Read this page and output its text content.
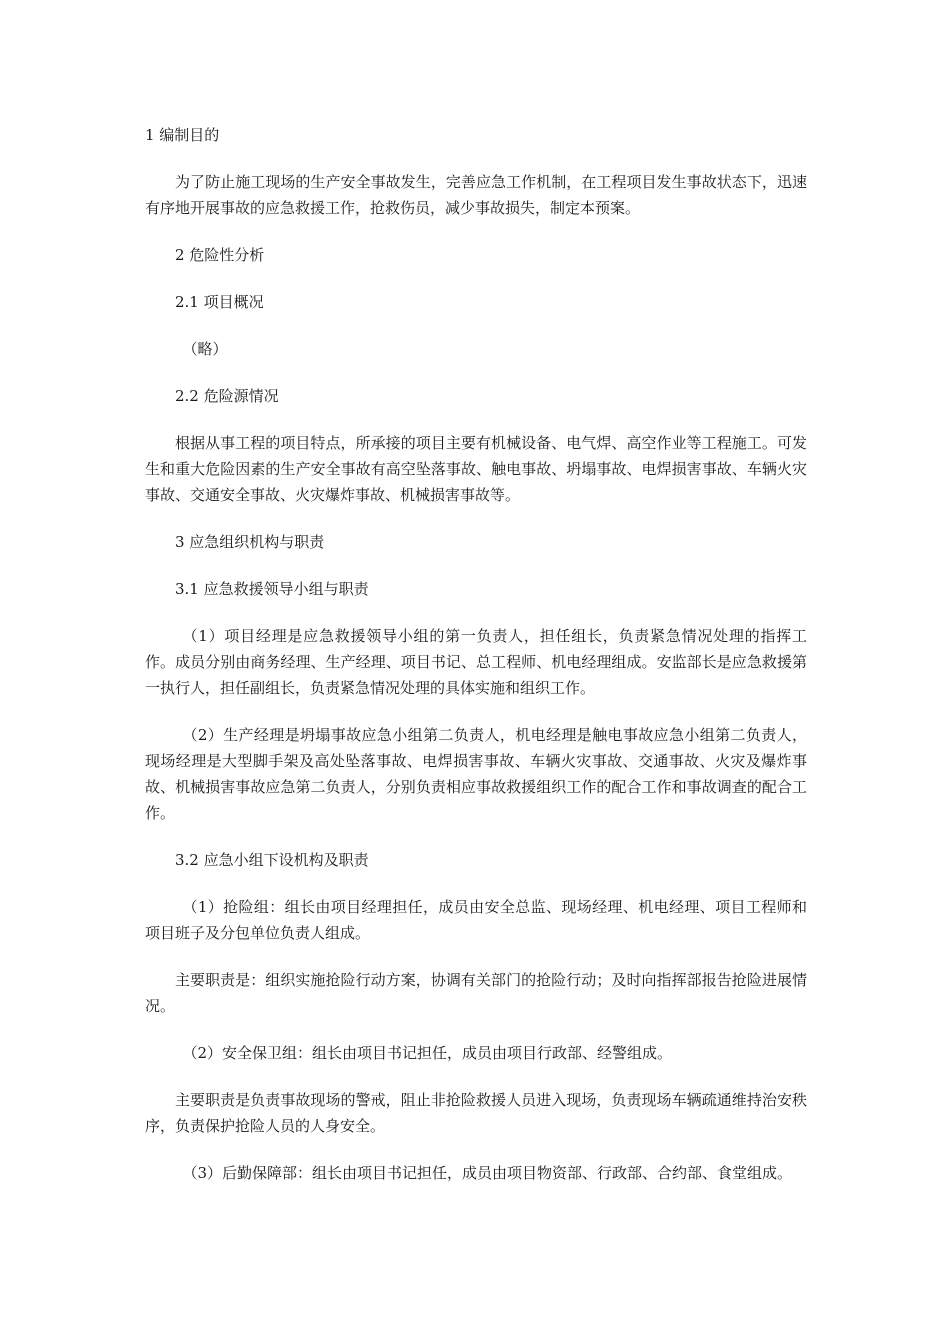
1 编制目的

为了防止施工现场的生产安全事故发生，完善应急工作机制，在工程项目发生事故状态下，迅速有序地开展事故的应急救援工作，抢救伤员，减少事故损失，制定本预案。

2 危险性分析

2.1 项目概况

（略）

2.2 危险源情况

根据从事工程的项目特点，所承接的项目主要有机械设备、电气焊、高空作业等工程施工。可发生和重大危险因素的生产安全事故有高空坠落事故、触电事故、坍塌事故、电焊损害事故、车辆火灾事故、交通安全事故、火灾爆炸事故、机械损害事故等。

3 应急组织机构与职责

3.1 应急救援领导小组与职责

（1）项目经理是应急救援领导小组的第一负责人，担任组长，负责紧急情况处理的指挥工作。成员分别由商务经理、生产经理、项目书记、总工程师、机电经理组成。安监部长是应急救援第一执行人，担任副组长，负责紧急情况处理的具体实施和组织工作。

（2）生产经理是坍塌事故应急小组第二负责人，机电经理是触电事故应急小组第二负责人，现场经理是大型脚手架及高处坠落事故、电焊损害事故、车辆火灾事故、交通事故、火灾及爆炸事故、机械损害事故应急第二负责人，分别负责相应事故救援组织工作的配合工作和事故调查的配合工作。

3.2 应急小组下设机构及职责

（1）抢险组：组长由项目经理担任，成员由安全总监、现场经理、机电经理、项目工程师和项目班子及分包单位负责人组成。

主要职责是：组织实施抢险行动方案，协调有关部门的抢险行动；及时向指挥部报告抢险进展情况。

（2）安全保卫组：组长由项目书记担任，成员由项目行政部、经警组成。

主要职责是负责事故现场的警戒，阻止非抢险救援人员进入现场，负责现场车辆疏通维持治安秩序，负责保护抢险人员的人身安全。

（3）后勤保障部：组长由项目书记担任，成员由项目物资部、行政部、合约部、食堂组成。
